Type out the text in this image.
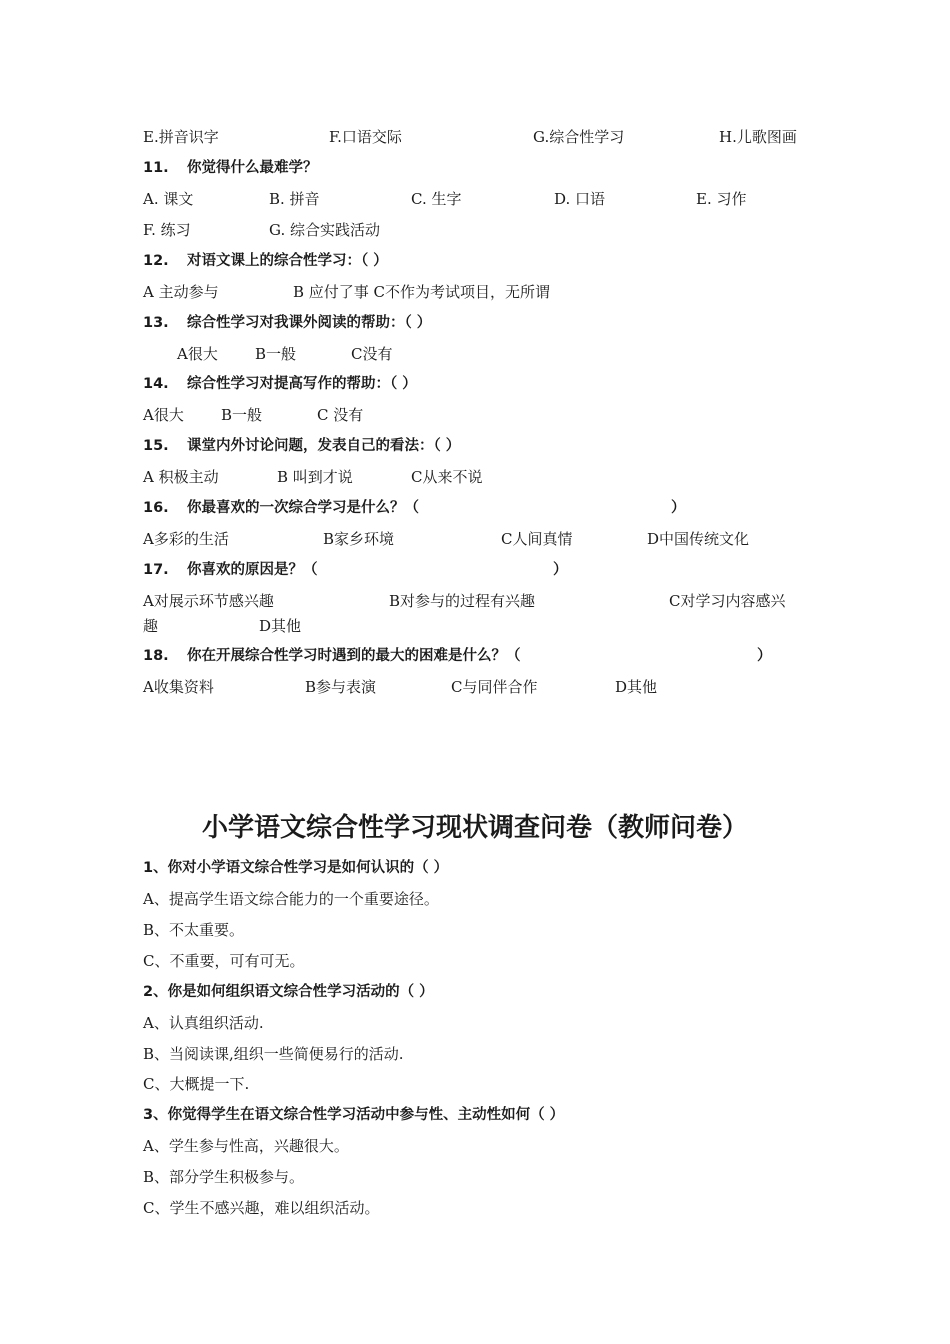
E.拼音识字	F.口语交际	G.综合性学习	H.儿歌图画
11. 你觉得什么最难学？
A. 课文	B. 拼音	C. 生字	D. 口语	E. 习作
F. 练习	G. 综合实践活动
12. 对语文课上的综合性学习：（ ）
A 主动参与	B 应付了事 C不作为考试项目，无所谓
13. 综合性学习对我课外阅读的帮助：（ ）
A很大 B一般	C没有
14. 综合性学习对提高写作的帮助：（ ）
A很大 B一般	C 没有
15. 课堂内外讨论问题，发表自己的看法：（ ）
A 积极主动	B 叫到才说	C从来不说
16. 你最喜欢的一次综合学习是什么？（	）
A多彩的生活	B家乡环境	C人间真情	D中国传统文化
17. 你喜欢的原因是？（	）
A对展示环节感兴趣	B对参与的过程有兴趣	C对学习内容感兴
趣	D其他
18. 你在开展综合性学习时遇到的最大的困难是什么？（	）
A收集资料	B参与表演	C与同伴合作	D其他
小学语文综合性学习现状调查问卷（教师问卷）
1、你对小学语文综合性学习是如何认识的（ ）
A、提高学生语文综合能力的一个重要途径。
B、不太重要。
C、不重要，可有可无。
2、你是如何组织语文综合性学习活动的（ ）
A、认真组织活动.
B、当阅读课,组织一些简便易行的活动.
C、大概提一下.
3、你觉得学生在语文综合性学习活动中参与性、主动性如何（ ）
A、学生参与性高，兴趣很大。
B、部分学生积极参与。
C、学生不感兴趣，难以组织活动。
